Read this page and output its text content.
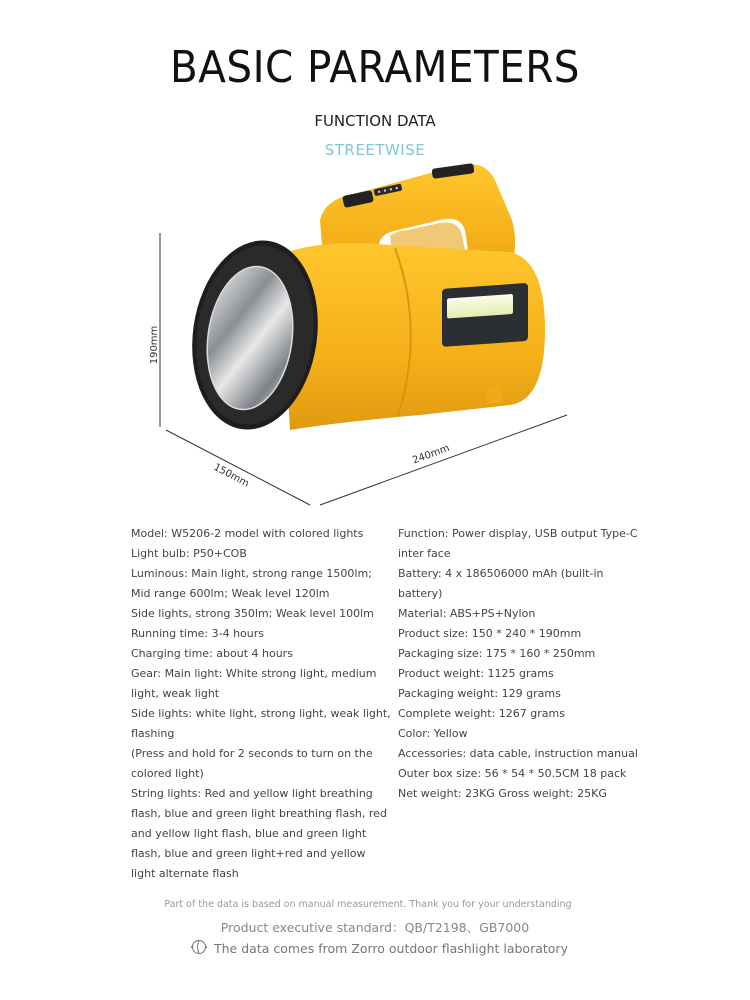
BASIC PARAMETERS
FUNCTION DATA
STREETWISE
190mm
150mm
240mm
Model: W5206-2 model with colored lights
Light bulb: P50+COB
Luminous: Main light, strong range 1500lm; Mid range 600lm; Weak level 120lm
Side lights, strong 350lm; Weak level 100lm
Running time: 3-4 hours
Charging time: about 4 hours
Gear: Main light: White strong light, medium light, weak light
Side lights: white light, strong light, weak light, flashing
(Press and hold for 2 seconds to turn on the colored light)
String lights: Red and yellow light breathing flash, blue and green light breathing flash, red and yellow light flash, blue and green light flash, blue and green light+red and yellow light alternate flash
Function: Power display, USB output Type-C inter face
Battery: 4 x 186506000 mAh (built-in battery)
Material: ABS+PS+Nylon
Product size: 150 * 240 * 190mm
Packaging size: 175 * 160 * 250mm
Product weight: 1125 grams
Packaging weight: 129 grams
Complete weight: 1267 grams
Color: Yellow
Accessories: data cable, instruction manual
Outer box size: 56 * 54 * 50.5CM 18 pack
Net weight: 23KG Gross weight: 25KG
Part of the data is based on manual measurement. Thank you for your understanding
Product executive standard：QB/T2198、GB7000
The data comes from Zorro outdoor flashlight laboratory
